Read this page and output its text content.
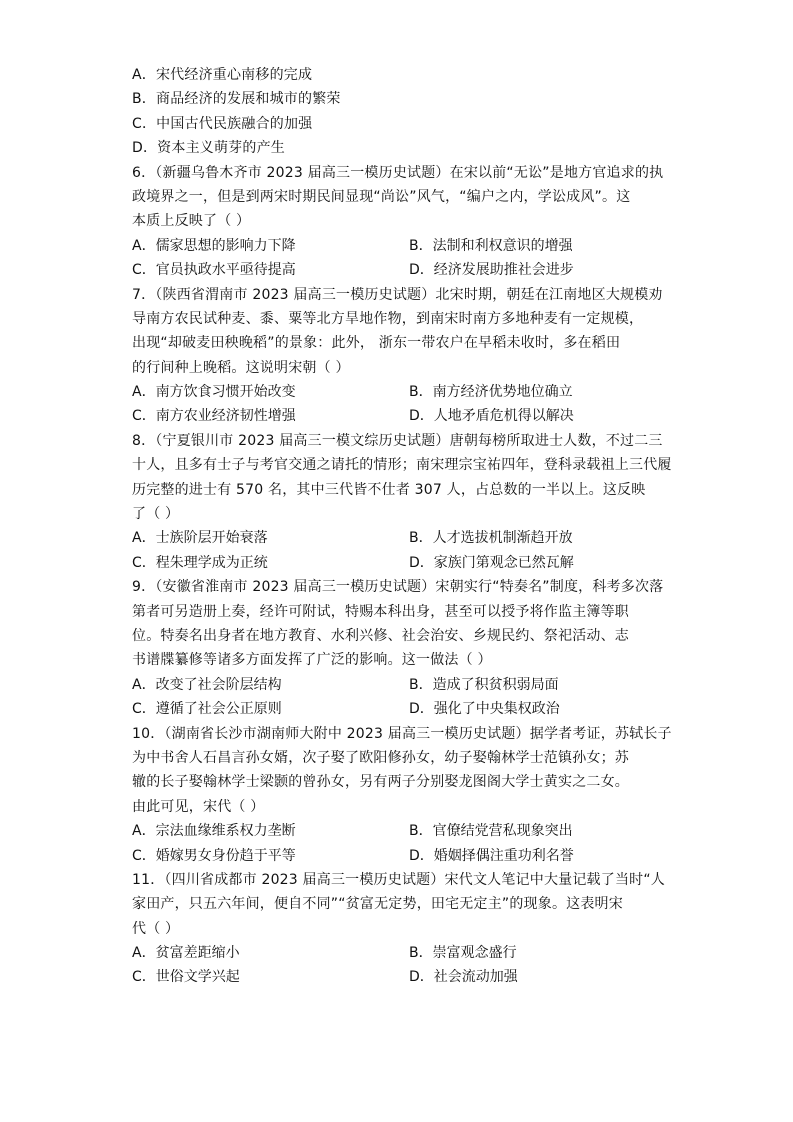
A．宋代经济重心南移的完成
B．商品经济的发展和城市的繁荣
C．中国古代民族融合的加强
D．资本主义萌芽的产生
6．（新疆乌鲁木齐市 2023 届高三一模历史试题）在宋以前“无讼”是地方官追求的执
政境界之一，但是到两宋时期民间显现“尚讼”风气，“编户之内，学讼成风”。这
本质上反映了（ ）
A．儒家思想的影响力下降	B．法制和利权意识的增强
C．官员执政水平亟待提高	D．经济发展助推社会进步
7．（陕西省渭南市 2023 届高三一模历史试题）北宋时期，朝廷在江南地区大规模劝
导南方农民试种麦、黍、粟等北方旱地作物，到南宋时南方多地种麦有一定规模，
出现“却破麦田秧晚稻”的景象：此外， 浙东一带农户在早稻未收时，多在稻田
的行间种上晚稻。这说明宋朝（ ）
A．南方饮食习惯开始改变	B．南方经济优势地位确立
C．南方农业经济韧性增强	D．人地矛盾危机得以解决
8．（宁夏银川市 2023 届高三一模文综历史试题）唐朝每榜所取进士人数，不过二三
十人，且多有士子与考官交通之请托的情形；南宋理宗宝祐四年，登科录载祖上三代履
历完整的进士有 570 名，其中三代皆不仕者 307 人，占总数的一半以上。这反映
了（ ）
A．士族阶层开始衰落	B．人才选拔机制渐趋开放
C．程朱理学成为正统	D．家族门第观念已然瓦解
9．（安徽省淮南市 2023 届高三一模历史试题）宋朝实行“特奏名”制度，科考多次落
第者可另造册上奏，经许可附试，特赐本科出身，甚至可以授予将作监主簿等职
位。特奏名出身者在地方教育、水利兴修、社会治安、乡规民约、祭祀活动、志
书谱牒纂修等诸多方面发挥了广泛的影响。这一做法（ ）
A．改变了社会阶层结构	B．造成了积贫积弱局面
C．遵循了社会公正原则	D．强化了中央集权政治
10．（湖南省长沙市湖南师大附中 2023 届高三一模历史试题）据学者考证，苏轼长子
为中书舍人石昌言孙女婿，次子娶了欧阳修孙女，幼子娶翰林学士范镇孙女；苏
辙的长子娶翰林学士梁颢的曾孙女，另有两子分别娶龙图阁大学士黄实之二女。
由此可见，宋代（ ）
A．宗法血缘维系权力垄断	B．官僚结党营私现象突出
C．婚嫁男女身份趋于平等	D．婚姻择偶注重功利名誉
11．（四川省成都市 2023 届高三一模历史试题）宋代文人笔记中大量记载了当时“人
家田产，只五六年间，便自不同”“贫富无定势，田宅无定主”的现象。这表明宋
代（ ）
A．贫富差距缩小	B．崇富观念盛行
C．世俗文学兴起	D．社会流动加强
